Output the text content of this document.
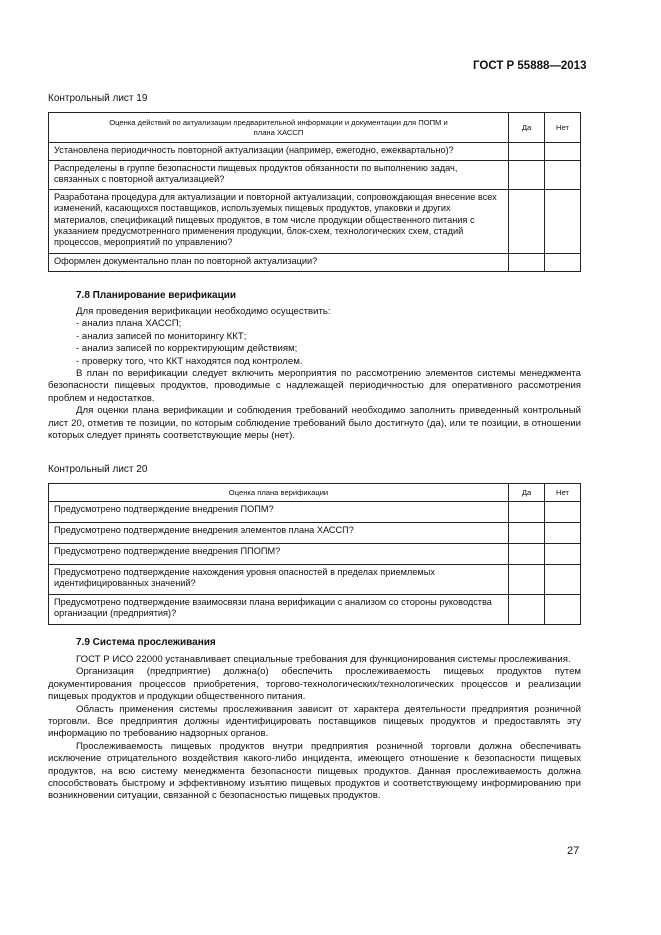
ГОСТ Р 55888—2013
Контрольный лист 19
Оценка действий по актуализации предварительной информации и документации для ПОПМ и плана ХАССП	Да	Нет
Установлена периодичность повторной актуализации (например, ежегодно, ежеквартально)?		
Распределены в группе безопасности пищевых продуктов обязанности по выполнению задач, связанных с повторной актуализацией?		
Разработана процедура для актуализации и повторной актуализации, сопровождающая внесение всех изменений, касающихся поставщиков, используемых пищевых продуктов, упаковки и других материалов, спецификаций пищевых продуктов, в том числе продукции общественного питания с указанием предусмотренного применения продукции, блок-схем, технологических схем, стадий процессов, мероприятий по управлению?		
Оформлен документально план по повторной актуализации?		
7.8 Планирование верификации

Для проведения верификации необходимо осуществить:

- анализ плана ХАССП;

- анализ записей по мониторингу ККТ;

- анализ записей по корректирующим действиям;

- проверку того, что ККТ находятся под контролем.

В план по верификации следует включить мероприятия по рассмотрению элементов системы менеджмента безопасности пищевых продуктов, проводимые с надлежащей периодичностью для оперативного рассмотрения проблем и недостатков.

Для оценки плана верификации и соблюдения требований необходимо заполнить приведенный контрольный лист 20, отметив те позиции, по которым соблюдение требований было достигнуто (да), или те позиции, в отношении которых следует принять соответствующие меры (нет).

Контрольный лист 20
Оценка плана верификации	Да	Нет
Предусмотрено подтверждение внедрения ПОПМ?		
Предусмотрено подтверждение внедрения элементов плана ХАССП?		
Предусмотрено подтверждение внедрения ППОПМ?		
Предусмотрено подтверждение нахождения уровня опасностей в пределах приемлемых идентифицированных значений?		
Предусмотрено подтверждение взаимосвязи плана верификации с анализом со стороны руководства организации (предприятия)?		
7.9 Система прослеживания

ГОСТ Р ИСО 22000 устанавливает специальные требования для функционирования системы прослеживания.

Организация (предприятие) должна(о) обеспечить прослеживаемость пищевых продуктов путем документирования процессов приобретения, торгово-технологических/технологических процессов и реализации пищевых продуктов и продукции общественного питания.

Область применения системы прослеживания зависит от характера деятельности предприятия розничной торговли. Все предприятия должны идентифицировать поставщиков пищевых продуктов и предоставлять эту информацию по требованию надзорных органов.

Прослеживаемость пищевых продуктов внутри предприятия розничной торговли должна обеспечивать исключение отрицательного воздействия какого-либо инцидента, имеющего отношение к безопасности пищевых продуктов, на всю систему менеджмента безопасности пищевых продуктов. Данная прослеживаемость должна способствовать быстрому и эффективному изъятию пищевых продуктов и соответствующему информированию при возникновении ситуации, связанной с безопасностью пищевых продуктов.

27
